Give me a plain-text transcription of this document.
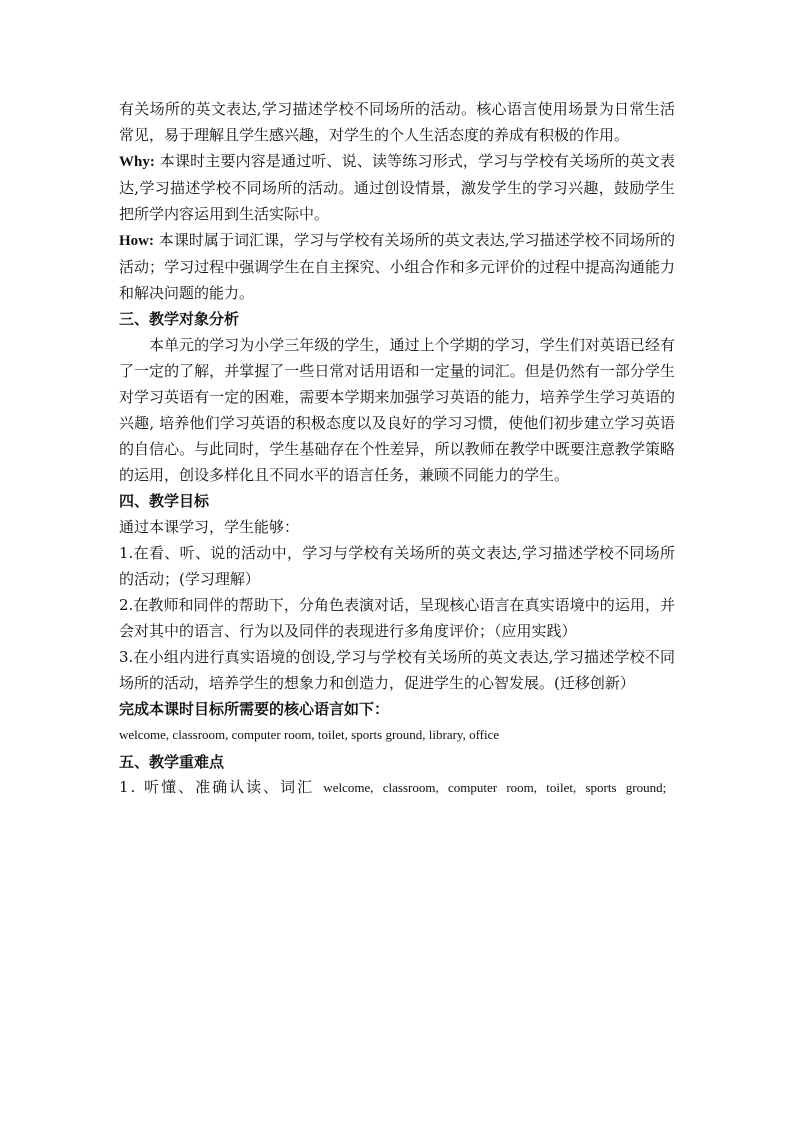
有关场所的英文表达,学习描述学校不同场所的活动。核心语言使用场景为日常生活常见，易于理解且学生感兴趣，对学生的个人生活态度的养成有积极的作用。

Why: 本课时主要内容是通过听、说、读等练习形式，学习与学校有关场所的英文表达,学习描述学校不同场所的活动。通过创设情景，激发学生的学习兴趣，鼓励学生把所学内容运用到生活实际中。

How: 本课时属于词汇课，学习与学校有关场所的英文表达,学习描述学校不同场所的活动；学习过程中强调学生在自主探究、小组合作和多元评价的过程中提高沟通能力和解决问题的能力。

三、教学对象分析

本单元的学习为小学三年级的学生，通过上个学期的学习，学生们对英语已经有了一定的了解，并掌握了一些日常对话用语和一定量的词汇。但是仍然有一部分学生对学习英语有一定的困难，需要本学期来加强学习英语的能力，培养学生学习英语的兴趣, 培养他们学习英语的积极态度以及良好的学习习惯，使他们初步建立学习英语的自信心。与此同时，学生基础存在个性差异，所以教师在教学中既要注意教学策略的运用，创设多样化且不同水平的语言任务，兼顾不同能力的学生。

四、教学目标

通过本课学习，学生能够：

1.在看、听、说的活动中，学习与学校有关场所的英文表达,学习描述学校不同场所的活动；(学习理解）

2.在教师和同伴的帮助下，分角色表演对话，呈现核心语言在真实语境中的运用，并会对其中的语言、行为以及同伴的表现进行多角度评价；（应用实践）

3.在小组内进行真实语境的创设,学习与学校有关场所的英文表达,学习描述学校不同场所的活动，培养学生的想象力和创造力，促进学生的心智发展。(迁移创新）

完成本课时目标所需要的核心语言如下：

welcome, classroom, computer room, toilet, sports ground, library, office

五、教学重难点

1. 听懂、准确认读、词汇 welcome, classroom, computer room, toilet, sports ground;
